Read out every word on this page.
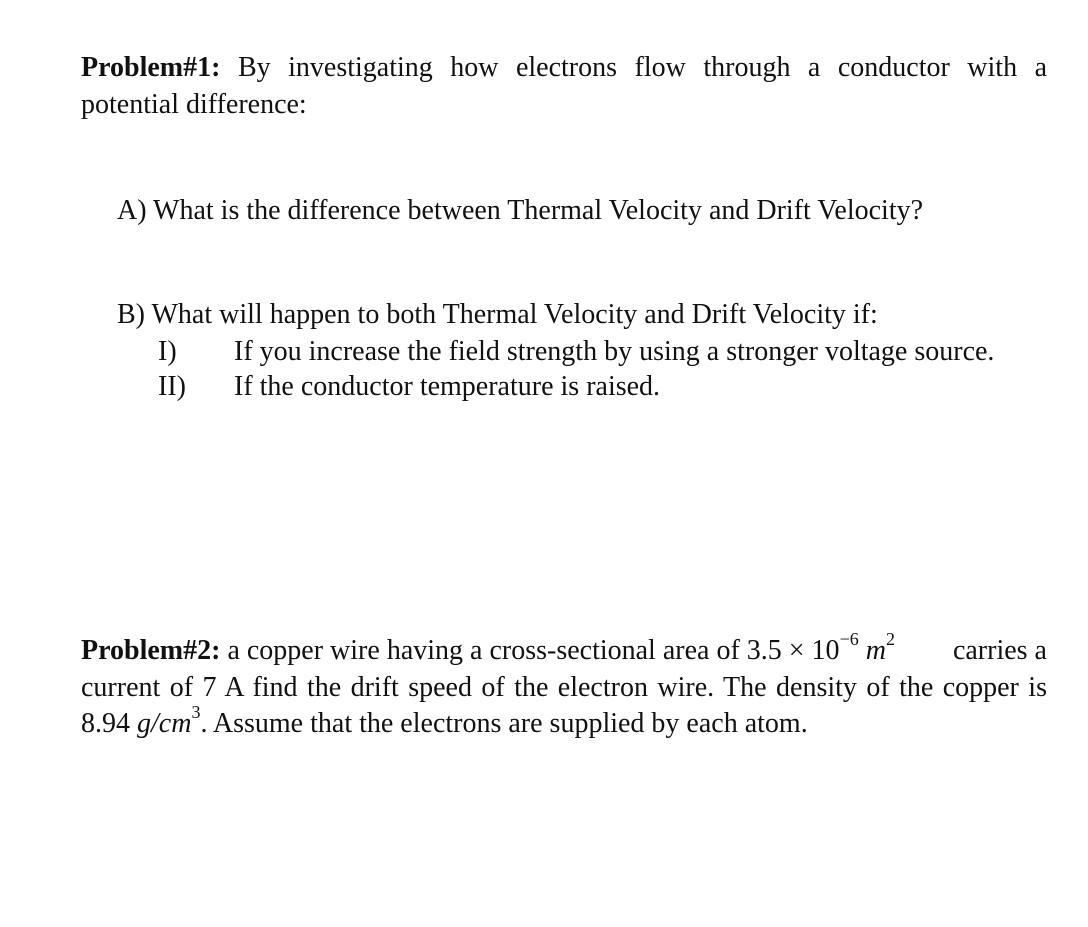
Problem#1: By investigating how electrons flow through a conductor with a
potential difference:
A) What is the difference between Thermal Velocity and Drift Velocity?
B) What will happen to both Thermal Velocity and Drift Velocity if:
I) If you increase the field strength by using a stronger voltage source.
II) If the conductor temperature is raised.
Problem#2: a copper wire having a cross-sectional area of $3.5 \times 10^{-6}$ $m^2$ carries a
current of 7 A find the drift speed of the electron wire. The density of the copper is
8.94 $g/cm^3$. Assume that the electrons are supplied by each atom.
